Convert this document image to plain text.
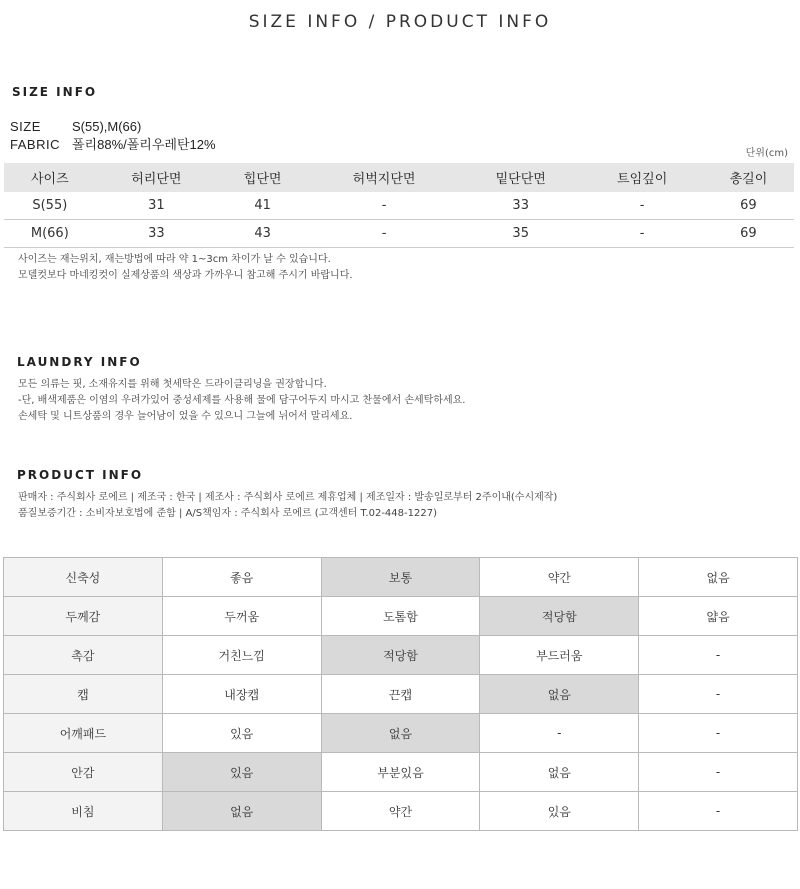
SIZE INFO / PRODUCT INFO
SIZE INFO
SIZE S(55),M(66)
FABRIC 폴리88%/폴리우레탄12%
단위(cm)
사이즈	허리단면	힙단면	허벅지단면	밑단단면	트임깊이	총길이
S(55)	31	41	-	33	-	69
M(66)	33	43	-	35	-	69
사이즈는 재는위치, 재는방법에 따라 약 1~3cm 차이가 날 수 있습니다.
모델컷보다 마네킹컷이 실제상품의 색상과 가까우니 참고해 주시기 바랍니다.
LAUNDRY INFO
모든 의류는 핏, 소재유지를 위해 첫세탁은 드라이클리닝을 권장합니다.
-단, 배색제품은 이염의 우려가있어 중성세제를 사용해 물에 담구어두지 마시고 찬물에서 손세탁하세요.
손세탁 및 니트상품의 경우 늘어남이 었을 수 있으니 그늘에 뉘어서 말리세요.
PRODUCT INFO
판매자 : 주식회사 로에르 | 제조국 : 한국 | 제조사 : 주식회사 로에르 제휴업체 | 제조일자 : 발송일로부터 2주이내(수시제작)
품질보증기간 : 소비자보호법에 준함 | A/S책임자 : 주식회사 로에르 (고객센터 T.02-448-1227)
신축성	좋음	보통	약간	없음
두께감	두꺼움	도톰함	적당함	얇음
촉감	거친느낌	적당함	부드러움	-
캡	내장캡	끈캡	없음	-
어깨패드	있음	없음	-	-
안감	있음	부분있음	없음	-
비침	없음	약간	있음	-
